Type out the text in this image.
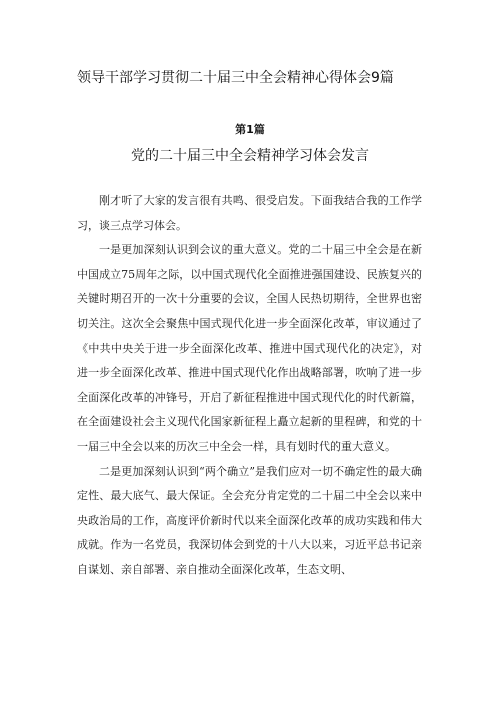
领导干部学习贯彻二十届三中全会精神心得体会9篇
第1篇
党的二十届三中全会精神学习体会发言

刚才听了大家的发言很有共鸣、很受启发。下面我结合我的工作学习，谈三点学习体会。

一是更加深刻认识到会议的重大意义。党的二十届三中全会是在新中国成立75周年之际，以中国式现代化全面推进强国建设、民族复兴的关键时期召开的一次十分重要的会议，全国人民热切期待，全世界也密切关注。这次全会聚焦中国式现代化进一步全面深化改革，审议通过了《中共中央关于进一步全面深化改革、推进中国式现代化的决定》，对进一步全面深化改革、推进中国式现代化作出战略部署，吹响了进一步全面深化改革的冲锋号，开启了新征程推进中国式现代化的时代新篇，在全面建设社会主义现代化国家新征程上矗立起新的里程碑，和党的十一届三中全会以来的历次三中全会一样，具有划时代的重大意义。

二是更加深刻认识到“两个确立”是我们应对一切不确定性的最大确定性、最大底气、最大保证。全会充分肯定党的二十届二中全会以来中央政治局的工作，高度评价新时代以来全面深化改革的成功实践和伟大成就。作为一名党员，我深切体会到党的十八大以来，习近平总书记亲自谋划、亲自部署、亲自推动全面深化改革，生态文明、
